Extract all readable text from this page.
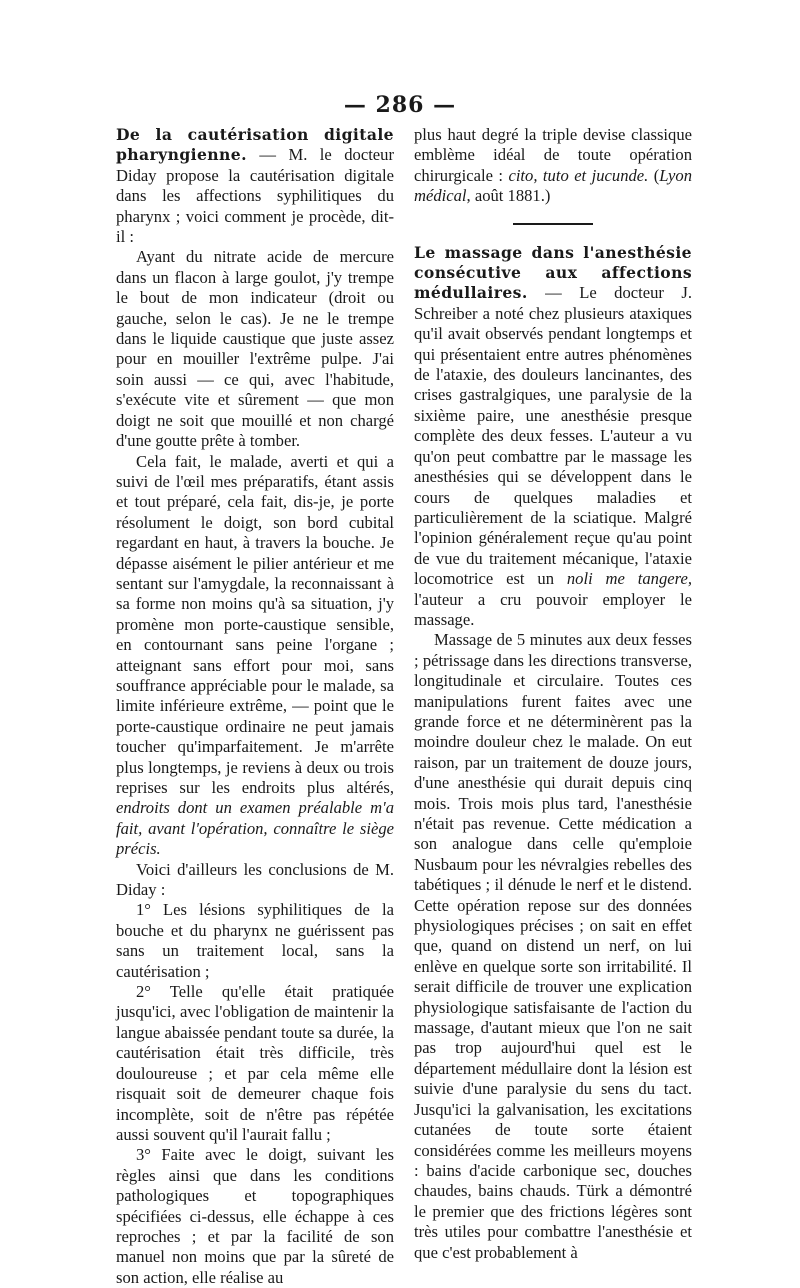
— 286 —

De la cautérisation digitale pharyngienne. — M. le docteur Diday propose la cautérisation digitale dans les affections syphilitiques du pharynx ; voici comment je procède, dit-il :

Ayant du nitrate acide de mercure dans un flacon à large goulot, j'y trempe le bout de mon indicateur (droit ou gauche, selon le cas). Je ne le trempe dans le liquide caustique que juste assez pour en mouiller l'extrême pulpe. J'ai soin aussi — ce qui, avec l'habitude, s'exécute vite et sûrement — que mon doigt ne soit que mouillé et non chargé d'une goutte prête à tomber.

Cela fait, le malade, averti et qui a suivi de l'œil mes préparatifs, étant assis et tout préparé, cela fait, dis-je, je porte résolument le doigt, son bord cubital regardant en haut, à travers la bouche. Je dépasse aisément le pilier antérieur et me sentant sur l'amygdale, la reconnaissant à sa forme non moins qu'à sa situation, j'y promène mon porte-caustique sensible, en contournant sans peine l'organe ; atteignant sans effort pour moi, sans souffrance appréciable pour le malade, sa limite inférieure extrême, — point que le porte-caustique ordinaire ne peut jamais toucher qu'imparfaitement. Je m'arrête plus longtemps, je reviens à deux ou trois reprises sur les endroits plus altérés, endroits dont un examen préalable m'a fait, avant l'opération, connaître le siège précis.

Voici d'ailleurs les conclusions de M. Diday :

1° Les lésions syphilitiques de la bouche et du pharynx ne guérissent pas sans un traitement local, sans la cautérisation ;

2° Telle qu'elle était pratiquée jusqu'ici, avec l'obligation de maintenir la langue abaissée pendant toute sa durée, la cautérisation était très difficile, très douloureuse ; et par cela même elle risquait soit de demeurer chaque fois incomplète, soit de n'être pas répétée aussi souvent qu'il l'aurait fallu ;

3° Faite avec le doigt, suivant les règles ainsi que dans les conditions pathologiques et topographiques spécifiées ci-dessus, elle échappe à ces reproches ; et par la facilité de son manuel non moins que par la sûreté de son action, elle réalise au

plus haut degré la triple devise classique emblème idéal de toute opération chirurgicale : cito, tuto et jucunde. (Lyon médical, août 1881.)

Le massage dans l'anesthésie consécutive aux affections médullaires. — Le docteur J. Schreiber a noté chez plusieurs ataxiques qu'il avait observés pendant longtemps et qui présentaient entre autres phénomènes de l'ataxie, des douleurs lancinantes, des crises gastralgiques, une paralysie de la sixième paire, une anesthésie presque complète des deux fesses. L'auteur a vu qu'on peut combattre par le massage les anesthésies qui se développent dans le cours de quelques maladies et particulièrement de la sciatique. Malgré l'opinion généralement reçue qu'au point de vue du traitement mécanique, l'ataxie locomotrice est un noli me tangere, l'auteur a cru pouvoir employer le massage.

Massage de 5 minutes aux deux fesses ; pétrissage dans les directions transverse, longitudinale et circulaire. Toutes ces manipulations furent faites avec une grande force et ne déterminèrent pas la moindre douleur chez le malade. On eut raison, par un traitement de douze jours, d'une anesthésie qui durait depuis cinq mois. Trois mois plus tard, l'anesthésie n'était pas revenue. Cette médication a son analogue dans celle qu'emploie Nusbaum pour les névralgies rebelles des tabétiques ; il dénude le nerf et le distend. Cette opération repose sur des données physiologiques précises ; on sait en effet que, quand on distend un nerf, on lui enlève en quelque sorte son irritabilité. Il serait difficile de trouver une explication physiologique satisfaisante de l'action du massage, d'autant mieux que l'on ne sait pas trop aujourd'hui quel est le département médullaire dont la lésion est suivie d'une paralysie du sens du tact. Jusqu'ici la galvanisation, les excitations cutanées de toute sorte étaient considérées comme les meilleurs moyens : bains d'acide carbonique sec, douches chaudes, bains chauds. Türk a démontré le premier que des frictions légères sont très utiles pour combattre l'anesthésie et que c'est probablement à
